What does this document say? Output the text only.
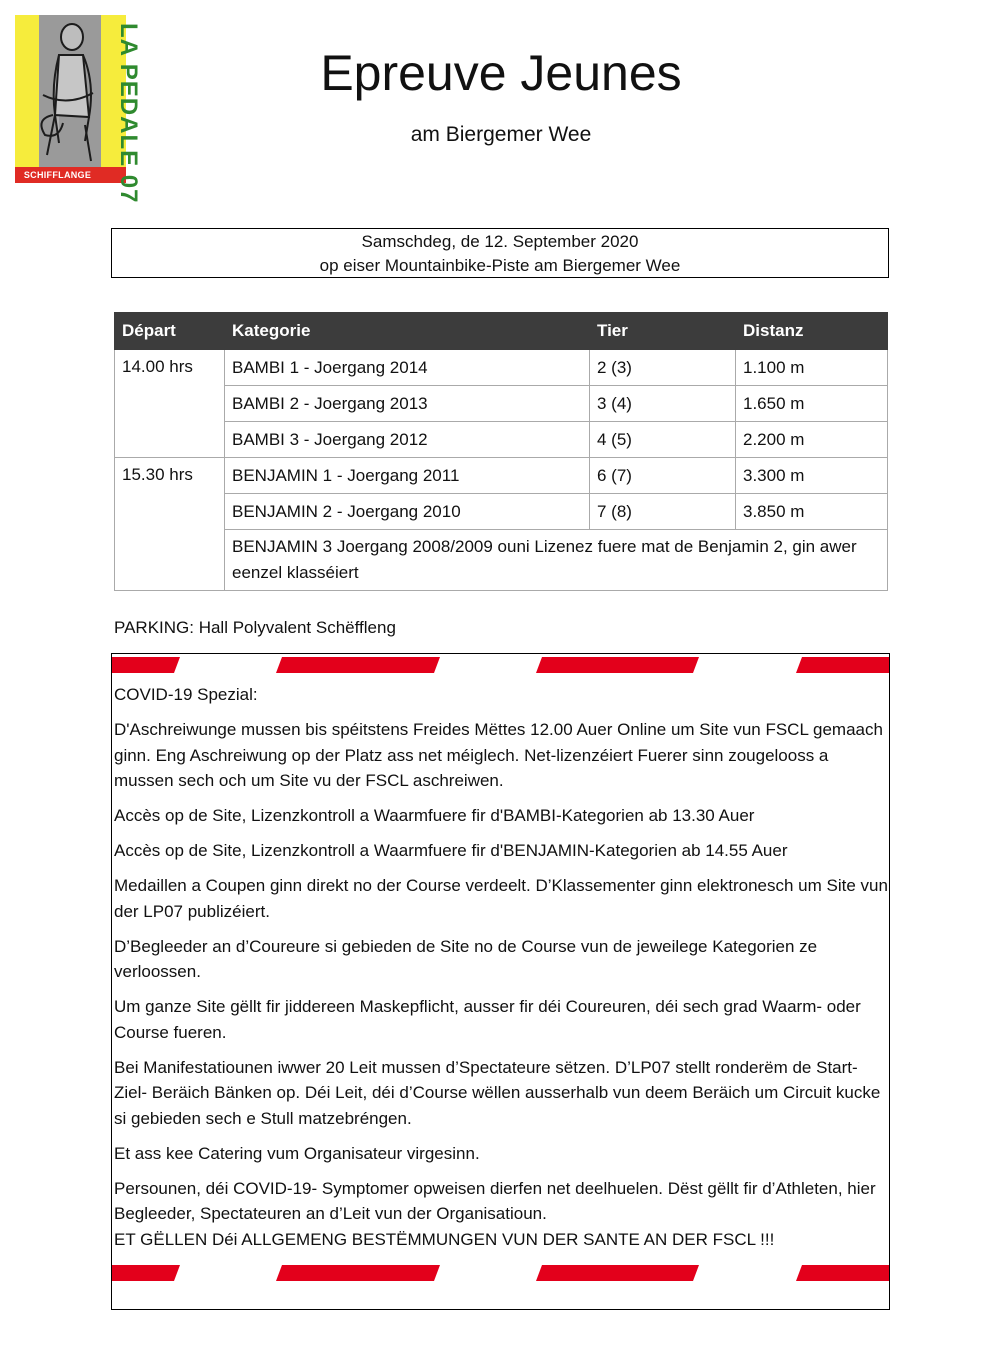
LA PEDALE 07
SCHIFFLANGE
Epreuve Jeunes
am Biergemer Wee
Samschdeg, de 12. September 2020
op eiser Mountainbike-Piste am Biergemer Wee
Départ	Kategorie	Tier	Distanz
14.00 hrs	BAMBI 1 - Joergang 2014	2 (3)	1.100 m
	BAMBI 2 - Joergang 2013	3 (4)	1.650 m
	BAMBI 3 - Joergang 2012	4 (5)	2.200 m
15.30 hrs	BENJAMIN 1 - Joergang 2011	6 (7)	3.300 m
	BENJAMIN 2 - Joergang 2010	7 (8)	3.850 m
	BENJAMIN 3 Joergang 2008/2009 ouni Lizenez fuere mat de Benjamin 2, gin awer eenzel klasséiert		
PARKING: Hall Polyvalent Schëffleng

COVID-19 Spezial:

D'Aschreiwunge mussen bis spéitstens Freides Mëttes 12.00 Auer Online um Site vun FSCL gemaach ginn. Eng Aschreiwung op der Platz ass net méiglech. Net-lizenzéiert Fuerer sinn zougelooss a mussen sech och um Site vu der FSCL aschreiwen.

Accès op de Site, Lizenzkontroll a Waarmfuere fir d'BAMBI-Kategorien ab 13.30 Auer

Accès op de Site, Lizenzkontroll a Waarmfuere fir d'BENJAMIN-Kategorien ab 14.55 Auer

Medaillen a Coupen ginn direkt no der Course verdeelt. D’Klassementer ginn elektronesch um Site vun der LP07 publizéiert.

D’Begleeder an d’Coureure si gebieden de Site no de Course vun de jeweilege Kategorien ze verloossen.

Um ganze Site gëllt fir jiddereen Maskepflicht, ausser fir déi Coureuren, déi sech grad Waarm- oder Course fueren.

Bei Manifestatiounen iwwer 20 Leit mussen d’Spectateure sëtzen. D’LP07 stellt ronderëm de Start-Ziel- Beräich Bänken op. Déi Leit, déi d’Course wëllen ausserhalb vun deem Beräich um Circuit kucke si gebieden sech e Stull matzebréngen.

Et ass kee Catering vum Organisateur virgesinn.

Persounen, déi COVID-19- Symptomer opweisen dierfen net deelhuelen. Dëst gëllt fir d’Athleten, hier Begleeder, Spectateuren an d’Leit vun der Organisatioun.

ET GËLLEN Déi ALLGEMENG BESTËMMUNGEN VUN DER SANTE AN DER FSCL !!!
